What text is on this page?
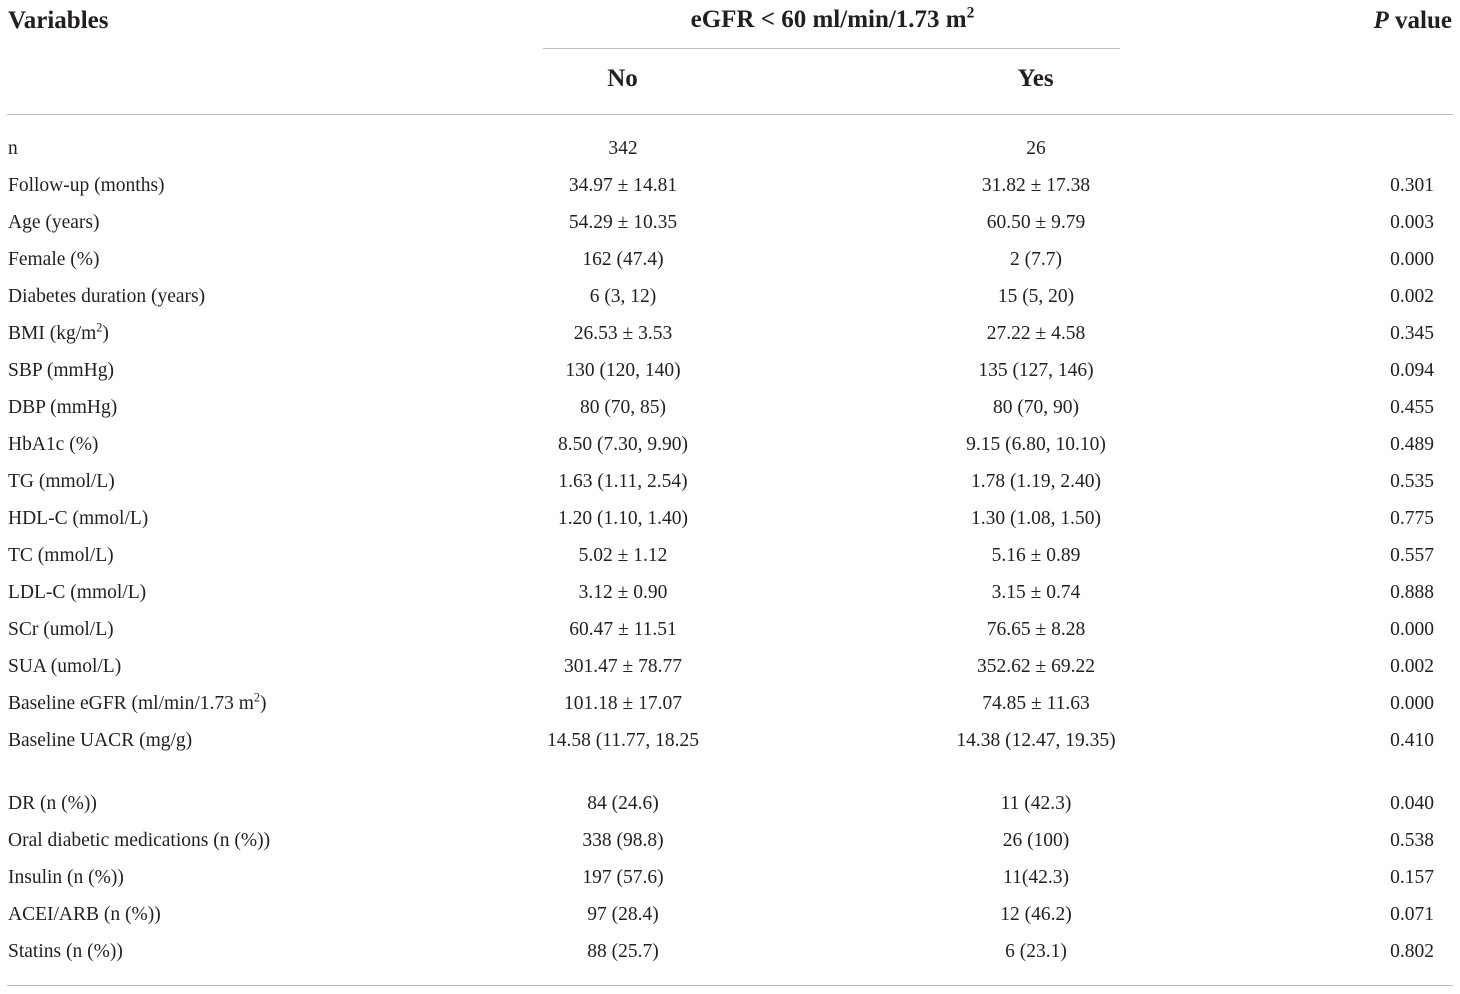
Variables	eGFR < 60 ml/min/1.73 $m^2$	P value
No	Yes
n	342	26
Follow-up (months)	34.97 ± 14.81	31.82 ± 17.38	0.301
Age (years)	54.29 ± 10.35	60.50 ± 9.79	0.003
Female (%)	162 (47.4)	2 (7.7)	0.000
Diabetes duration (years)	6 (3, 12)	15 (5, 20)	0.002
BMI $(kg/m^2)$	26.53 ± 3.53	27.22 ± 4.58	0.345
SBP (mmHg)	130 (120, 140)	135 (127, 146)	0.094
DBP (mmHg)	80 (70, 85)	80 (70, 90)	0.455
HbA1c (%)	8.50 (7.30, 9.90)	9.15 (6.80, 10.10)	0.489
TG (mmol/L)	1.63 (1.11, 2.54)	1.78 (1.19, 2.40)	0.535
HDL-C (mmol/L)	1.20 (1.10, 1.40)	1.30 (1.08, 1.50)	0.775
TC (mmol/L)	5.02 ± 1.12	5.16 ± 0.89	0.557
LDL-C (mmol/L)	3.12 ± 0.90	3.15 ± 0.74	0.888
SCr (umol/L)	60.47 ± 11.51	76.65 ± 8.28	0.000
SUA (umol/L)	301.47 ± 78.77	352.62 ± 69.22	0.002
Baseline eGFR (ml/min/1.73 $m^2$)	101.18 ± 17.07	74.85 ± 11.63	0.000
Baseline UACR (mg/g)	14.58 (11.77, 18.25	14.38 (12.47, 19.35)	0.410
DR (n (%))	84 (24.6)	11 (42.3)	0.040
Oral diabetic medications (n (%))	338 (98.8)	26 (100)	0.538
Insulin (n (%))	197 (57.6)	11(42.3)	0.157
ACEI/ARB (n (%))	97 (28.4)	12 (46.2)	0.071
Statins (n (%))	88 (25.7)	6 (23.1)	0.802
